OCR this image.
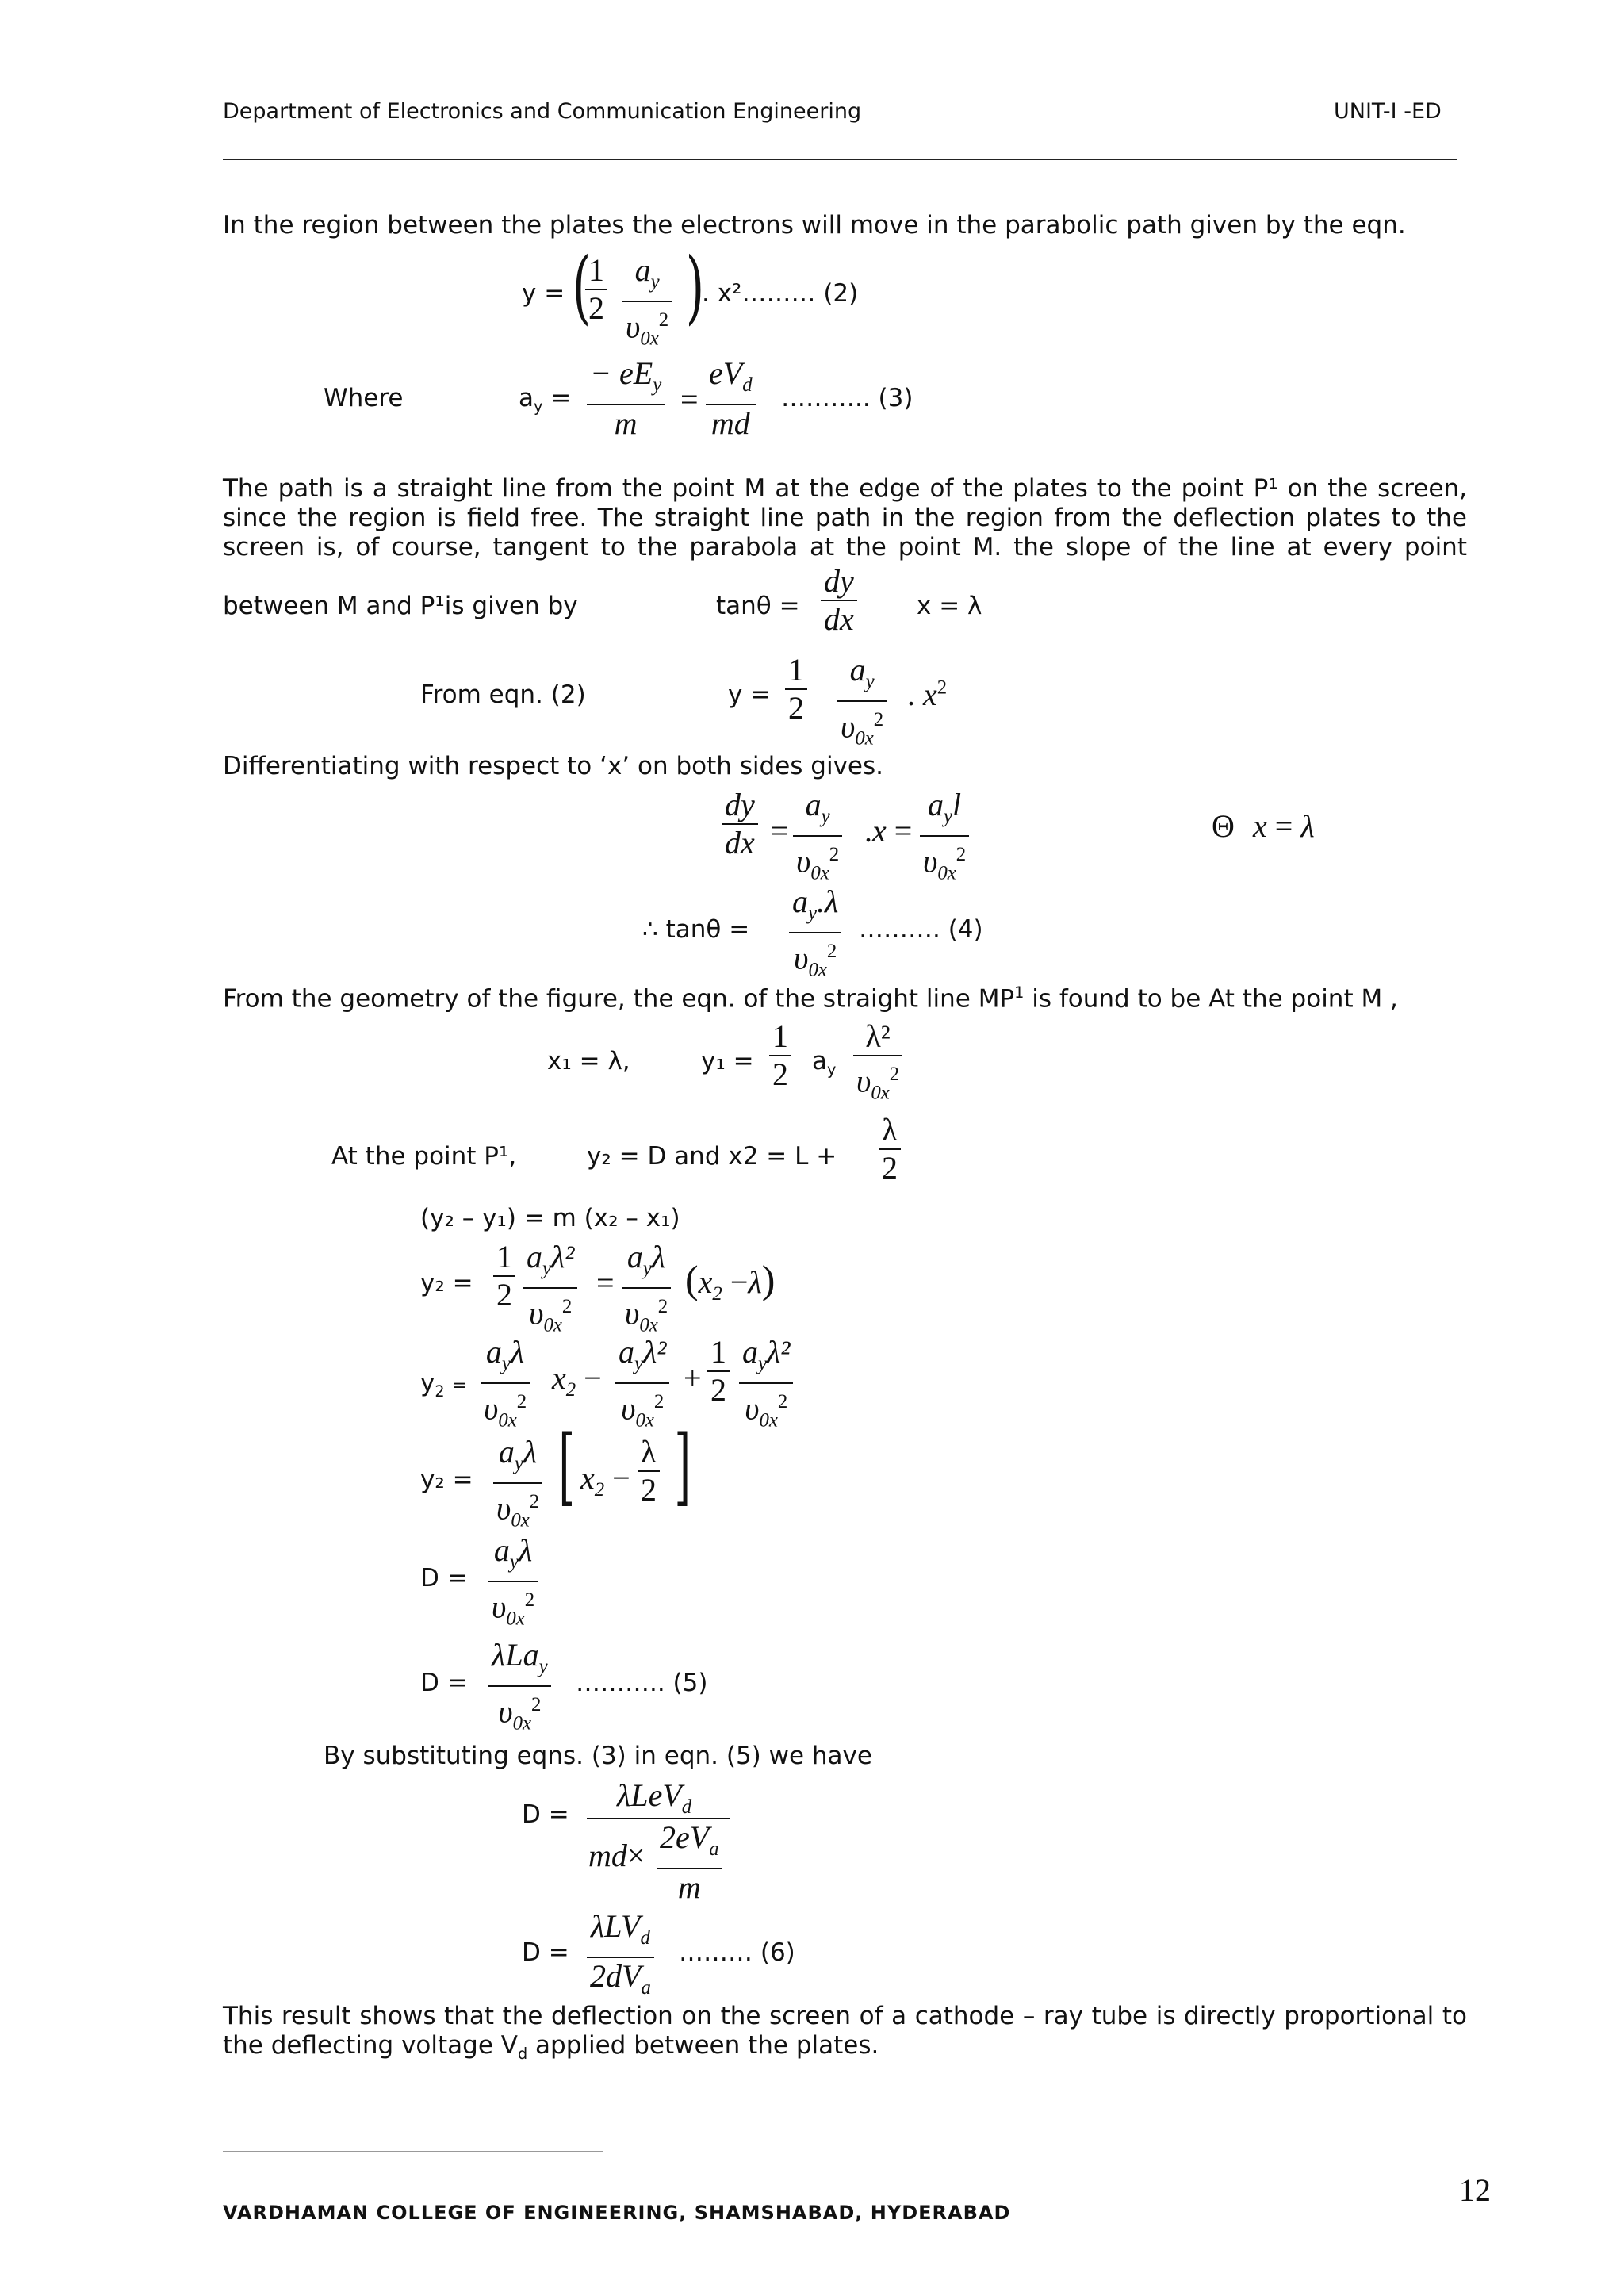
Department of Electronics and Communication Engineering	UNIT-I -ED
In the region between the plates the electrons will move in the parabolic path given by the eqn.
y = (
1
2
$a_y$
$\upsilon_{0x}^2$ )
. x²……… (2)
Where	$a_y$ =
− $eE_y$
m
=
$eV_d$
md
……….. (3)
The path is a straight line from the point M at the edge of the plates to the point P¹ on the screen, since the region is field free. The straight line path in the region from the deflection plates to the screen is, of course, tangent to the parabola at the point M. the slope of the line at every point
between M and P¹is given by	tanθ =
dy
dx	x = λ
From eqn. (2)	y =
1
2
$a_y$
$\upsilon_{0x}^2$
. $x^2$
Differentiating with respect to ‘x’ on both sides gives.
dy
dx =
$a_y$
$\upsilon_{0x}^2$
.x =
$a_yl$
$\upsilon_{0x}^2$
Θ x = λ
∴ tanθ =
$a_y.\lambda$
$\upsilon_{0x}^2$
………. (4)
From the geometry of the figure, the eqn. of the straight line $MP^1$ is found to be At the point M ,
x₁ = λ,	y₁ =
1
2 $a_y$
λ²
$\upsilon_{0x}^2$
At the point P¹,	y₂ = D and x2 = L +
λ
2
(y₂ – y₁) = m (x₂ – x₁)
y₂ =
1
2
$a_y\lambda^2$
$\upsilon_{0x}^2$
=
$a_y\lambda$
$\upsilon_{0x}^2$
$(x_2 -\lambda)$
$y_2$ =
$a_y\lambda$
$\upsilon_{0x}^2$
$x_2$ −
$a_y\lambda^2$
$\upsilon_{0x}^2$
+
1
2
$a_y\lambda^2$
$\upsilon_{0x}^2$
y₂ =
$a_y\lambda$
$\upsilon_{0x}^2$ [ $x_2$ −
λ
2 ]
D =
$a_y\lambda$
$\upsilon_{0x}^2$
D =
λLa$_y$
$\upsilon_{0x}^2$
……….. (5)
By substituting eqns. (3) in eqn. (5) we have
D =
λLeV$_d$
md×
$2eV_a$
m
D =
λLV$_d$
$2dV_a$
……… (6)
This result shows that the deflection on the screen of a cathode – ray tube is directly proportional to the deflecting voltage $V_d$ applied between the plates.
12
VARDHAMAN COLLEGE OF ENGINEERING, SHAMSHABAD, HYDERABAD
